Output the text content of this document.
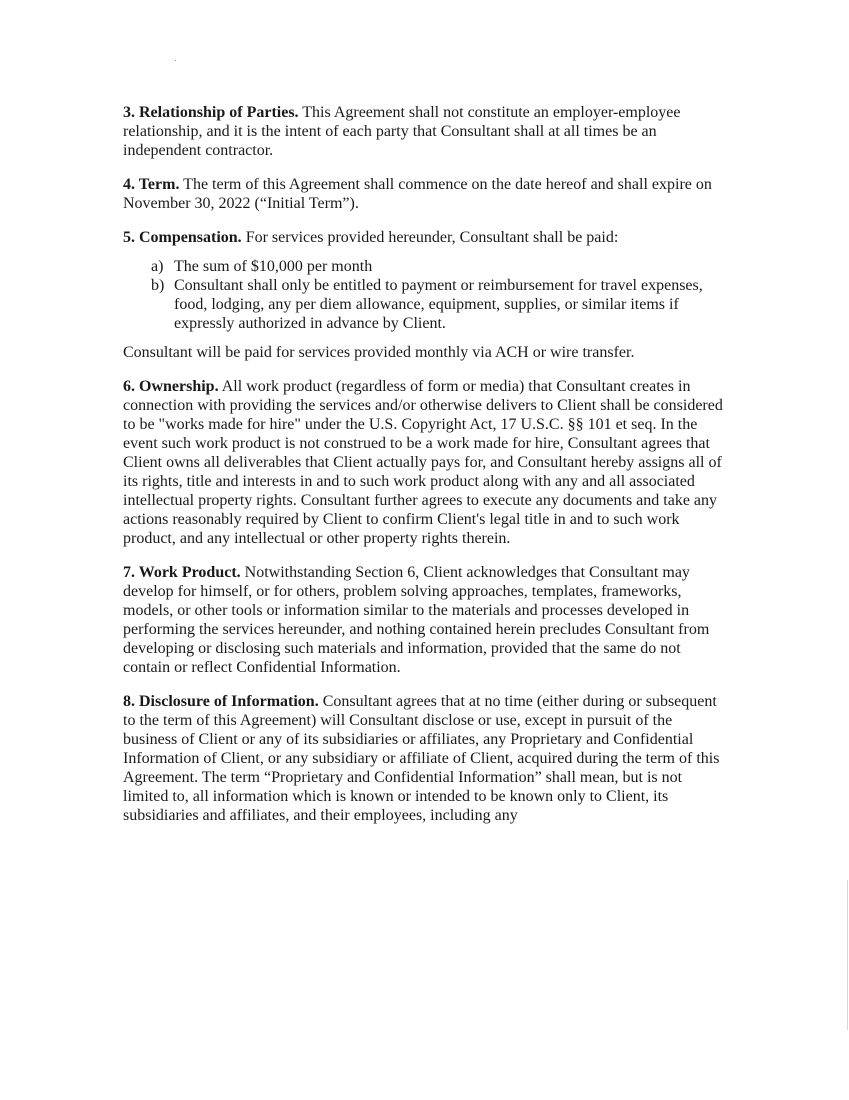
3. Relationship of Parties. This Agreement shall not constitute an employer-employee relationship, and it is the intent of each party that Consultant shall at all times be an independent contractor.

4. Term. The term of this Agreement shall commence on the date hereof and shall expire on November 30, 2022 (“Initial Term”).

5. Compensation. For services provided hereunder, Consultant shall be paid:

a) The sum of $10,000 per month
b) Consultant shall only be entitled to payment or reimbursement for travel expenses, food, lodging, any per diem allowance, equipment, supplies, or similar items if expressly authorized in advance by Client.

Consultant will be paid for services provided monthly via ACH or wire transfer.

6. Ownership. All work product (regardless of form or media) that Consultant creates in connection with providing the services and/or otherwise delivers to Client shall be considered to be "works made for hire" under the U.S. Copyright Act, 17 U.S.C. §§ 101 et seq. In the event such work product is not construed to be a work made for hire, Consultant agrees that Client owns all deliverables that Client actually pays for, and Consultant hereby assigns all of its rights, title and interests in and to such work product along with any and all associated intellectual property rights. Consultant further agrees to execute any documents and take any actions reasonably required by Client to confirm Client's legal title in and to such work product, and any intellectual or other property rights therein.

7. Work Product. Notwithstanding Section 6, Client acknowledges that Consultant may develop for himself, or for others, problem solving approaches, templates, frameworks, models, or other tools or information similar to the materials and processes developed in performing the services hereunder, and nothing contained herein precludes Consultant from developing or disclosing such materials and information, provided that the same do not contain or reflect Confidential Information.

8. Disclosure of Information. Consultant agrees that at no time (either during or subsequent to the term of this Agreement) will Consultant disclose or use, except in pursuit of the business of Client or any of its subsidiaries or affiliates, any Proprietary and Confidential Information of Client, or any subsidiary or affiliate of Client, acquired during the term of this Agreement. The term “Proprietary and Confidential Information” shall mean, but is not limited to, all information which is known or intended to be known only to Client, its subsidiaries and affiliates, and their employees, including any
